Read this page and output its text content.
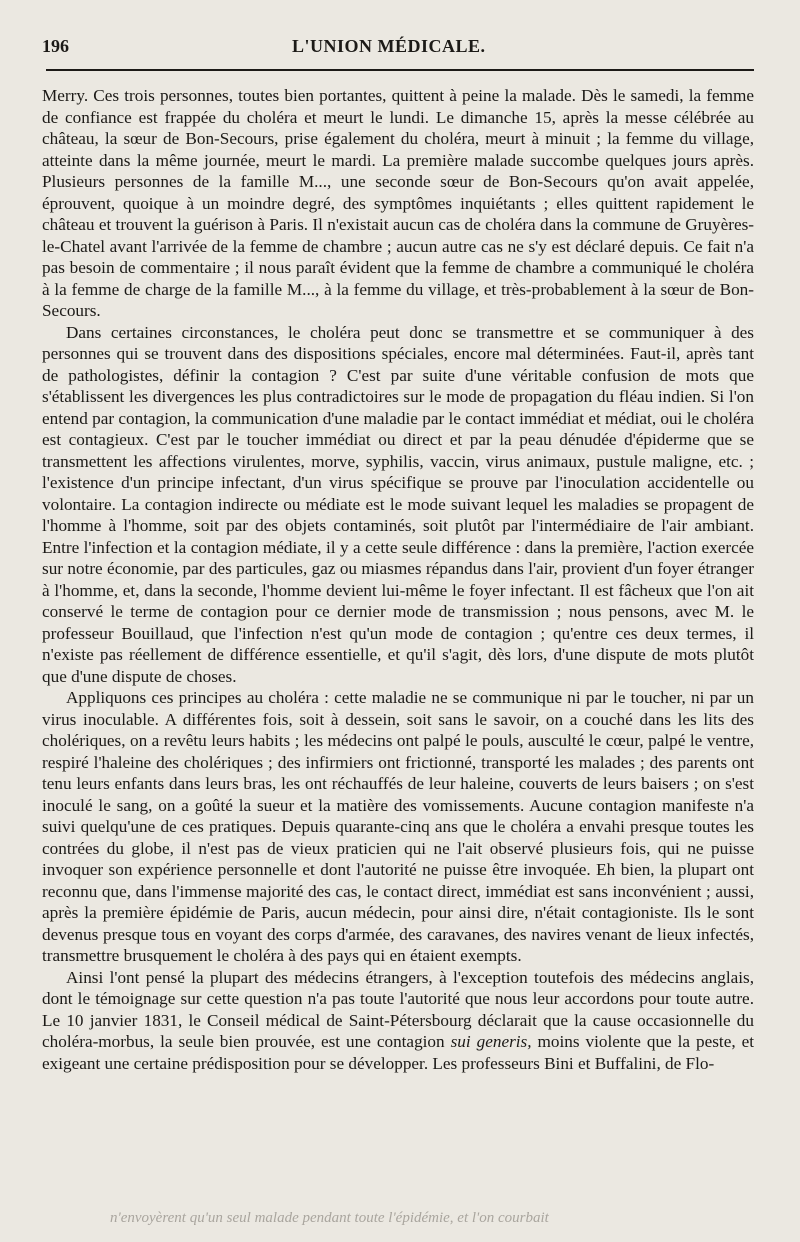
196	L'UNION MÉDICALE.

Merry. Ces trois personnes, toutes bien portantes, quittent à peine la malade. Dès le samedi, la femme de confiance est frappée du choléra et meurt le lundi. Le dimanche 15, après la messe célébrée au château, la sœur de Bon-Secours, prise également du choléra, meurt à minuit ; la femme du village, atteinte dans la même journée, meurt le mardi. La première malade succombe quelques jours après. Plusieurs personnes de la famille M..., une seconde sœur de Bon-Secours qu'on avait appelée, éprouvent, quoique à un moindre degré, des symptômes inquiétants ; elles quittent rapidement le château et trouvent la guérison à Paris. Il n'existait aucun cas de choléra dans la commune de Gruyères-le-Chatel avant l'arrivée de la femme de chambre ; aucun autre cas ne s'y est déclaré depuis. Ce fait n'a pas besoin de commentaire ; il nous paraît évident que la femme de chambre a communiqué le choléra à la femme de charge de la famille M..., à la femme du village, et très-probablement à la sœur de Bon-Secours.

Dans certaines circonstances, le choléra peut donc se transmettre et se communiquer à des personnes qui se trouvent dans des dispositions spéciales, encore mal déterminées. Faut-il, après tant de pathologistes, définir la contagion ? C'est par suite d'une véritable confusion de mots que s'établissent les divergences les plus contradictoires sur le mode de propagation du fléau indien. Si l'on entend par contagion, la communication d'une maladie par le contact immédiat et médiat, oui le choléra est contagieux. C'est par le toucher immédiat ou direct et par la peau dénudée d'épiderme que se transmettent les affections virulentes, morve, syphilis, vaccin, virus animaux, pustule maligne, etc. ; l'existence d'un principe infectant, d'un virus spécifique se prouve par l'inoculation accidentelle ou volontaire. La contagion indirecte ou médiate est le mode suivant lequel les maladies se propagent de l'homme à l'homme, soit par des objets contaminés, soit plutôt par l'intermédiaire de l'air ambiant. Entre l'infection et la contagion médiate, il y a cette seule différence : dans la première, l'action exercée sur notre économie, par des particules, gaz ou miasmes répandus dans l'air, provient d'un foyer étranger à l'homme, et, dans la seconde, l'homme devient lui-même le foyer infectant. Il est fâcheux que l'on ait conservé le terme de contagion pour ce dernier mode de transmission ; nous pensons, avec M. le professeur Bouillaud, que l'infection n'est qu'un mode de contagion ; qu'entre ces deux termes, il n'existe pas réellement de différence essentielle, et qu'il s'agit, dès lors, d'une dispute de mots plutôt que d'une dispute de choses.

Appliquons ces principes au choléra : cette maladie ne se communique ni par le toucher, ni par un virus inoculable. A différentes fois, soit à dessein, soit sans le savoir, on a couché dans les lits des cholériques, on a revêtu leurs habits ; les médecins ont palpé le pouls, ausculté le cœur, palpé le ventre, respiré l'haleine des cholériques ; des infirmiers ont frictionné, transporté les malades ; des parents ont tenu leurs enfants dans leurs bras, les ont réchauffés de leur haleine, couverts de leurs baisers ; on s'est inoculé le sang, on a goûté la sueur et la matière des vomissements. Aucune contagion manifeste n'a suivi quelqu'une de ces pratiques. Depuis quarante-cinq ans que le choléra a envahi presque toutes les contrées du globe, il n'est pas de vieux praticien qui ne l'ait observé plusieurs fois, qui ne puisse invoquer son expérience personnelle et dont l'autorité ne puisse être invoquée. Eh bien, la plupart ont reconnu que, dans l'immense majorité des cas, le contact direct, immédiat est sans inconvénient ; aussi, après la première épidémie de Paris, aucun médecin, pour ainsi dire, n'était contagioniste. Ils le sont devenus presque tous en voyant des corps d'armée, des caravanes, des navires venant de lieux infectés, transmettre brusquement le choléra à des pays qui en étaient exempts.

Ainsi l'ont pensé la plupart des médecins étrangers, à l'exception toutefois des médecins anglais, dont le témoignage sur cette question n'a pas toute l'autorité que nous leur accordons pour toute autre. Le 10 janvier 1831, le Conseil médical de Saint-Pétersbourg déclarait que la cause occasionnelle du choléra-morbus, la seule bien prouvée, est une contagion sui generis, moins violente que la peste, et exigeant une certaine prédisposition pour se développer. Les professeurs Bini et Buffalini, de Flo-

n'envoyèrent qu'un seul malade pendant toute l'épidémie, et l'on courbait
